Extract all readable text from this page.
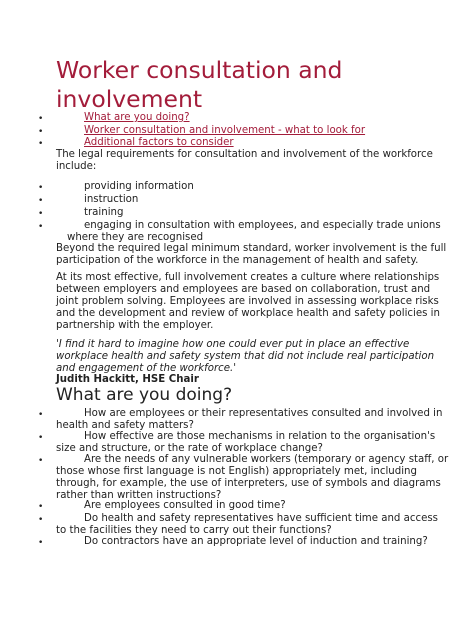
Worker consultation and involvement
•	What are you doing?
•	Worker consultation and involvement - what to look for
•	Additional factors to consider
The legal requirements for consultation and involvement of the workforce
include:
•	providing information
•	instruction
•	training
•	engaging in consultation with employees, and especially trade unions
where they are recognised
Beyond the required legal minimum standard, worker involvement is the full
participation of the workforce in the management of health and safety.
At its most effective, full involvement creates a culture where relationships
between employers and employees are based on collaboration, trust and
joint problem solving. Employees are involved in assessing workplace risks
and the development and review of workplace health and safety policies in
partnership with the employer.
'I find it hard to imagine how one could ever put in place an effective
workplace health and safety system that did not include real participation
and engagement of the workforce.'
Judith Hackitt, HSE Chair
What are you doing?
•	How are employees or their representatives consulted and involved in
health and safety matters?
•	How effective are those mechanisms in relation to the organisation's
size and structure, or the rate of workplace change?
•	Are the needs of any vulnerable workers (temporary or agency staff, or
those whose first language is not English) appropriately met, including
through, for example, the use of interpreters, use of symbols and diagrams
rather than written instructions?
•	Are employees consulted in good time?
•	Do health and safety representatives have sufficient time and access
to the facilities they need to carry out their functions?
•	Do contractors have an appropriate level of induction and training?
